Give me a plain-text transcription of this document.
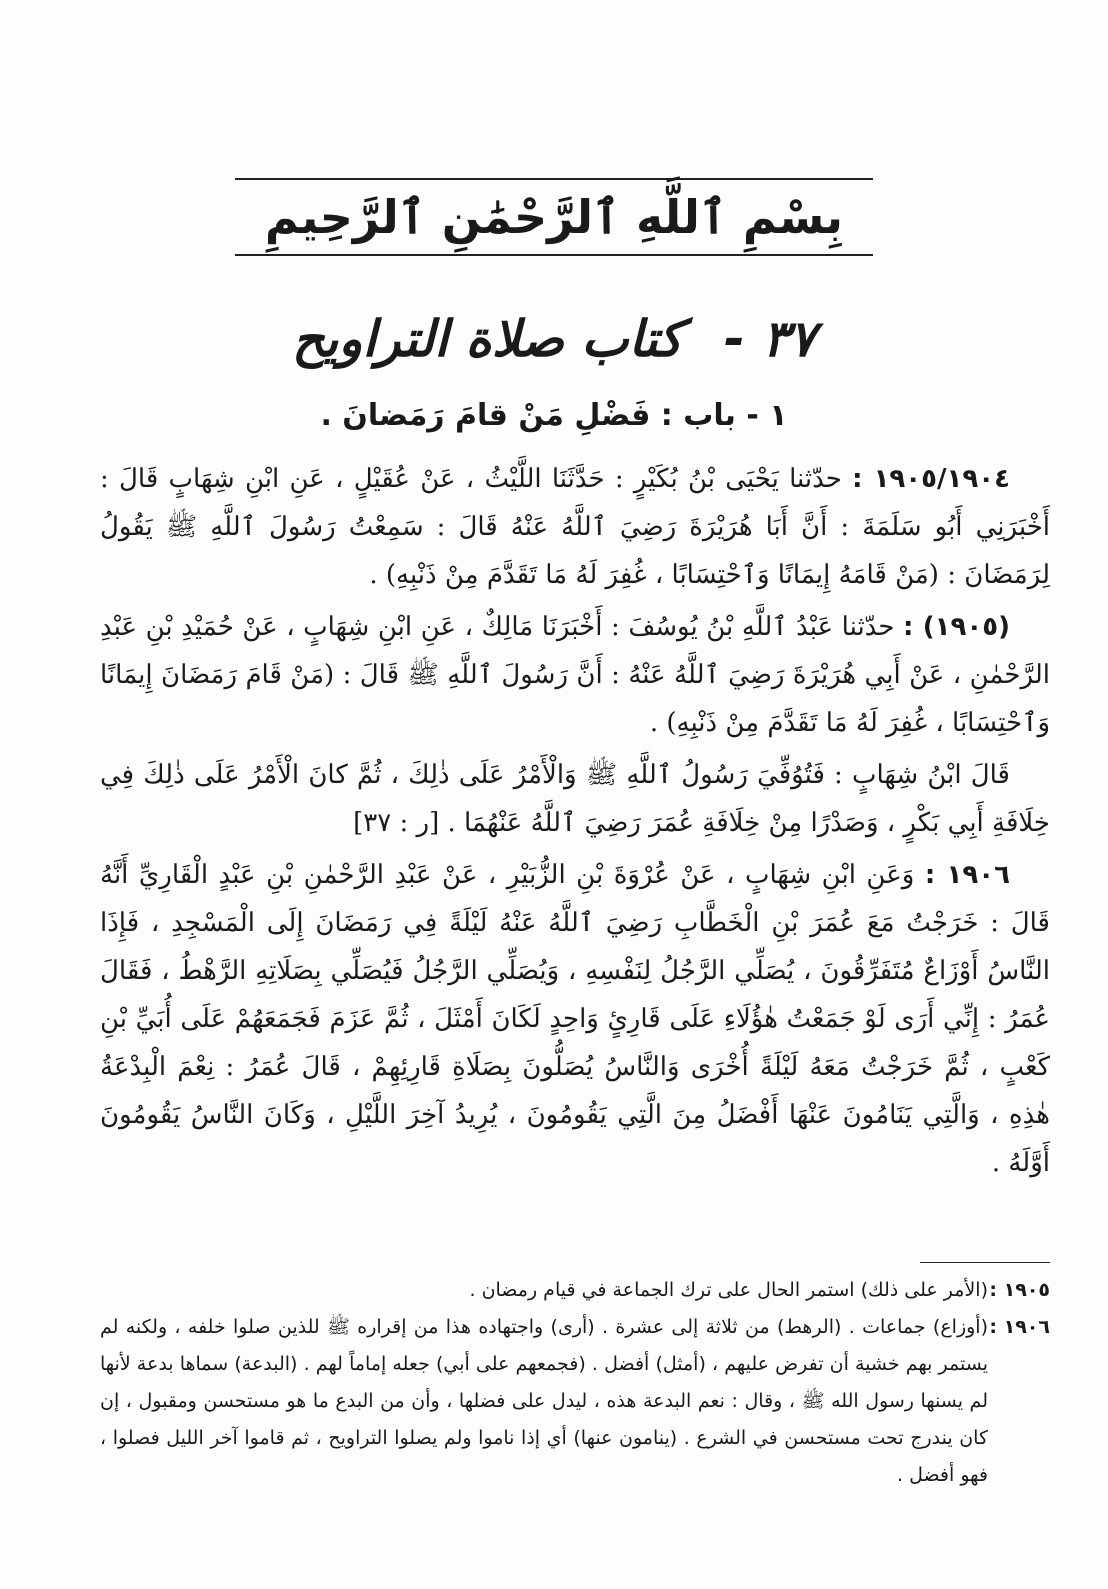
بِسْمِ ٱللَّهِ ٱلرَّحْمَٰنِ ٱلرَّحِيمِ
٣٧ - كتاب صلاة التراويح
١ - باب : فَضْلِ مَنْ قامَ رَمَضانَ .

١٩٠٥/١٩٠٤ : حدّثنا يَحْيَى بْنُ بُكَيْرٍ : حَدَّثَنَا اللَّيْثُ ، عَنْ عُقَيْلٍ ، عَنِ ابْنِ شِهَابٍ قَالَ : أَخْبَرَنِي أَبُو سَلَمَةَ : أَنَّ أَبَا هُرَيْرَةَ رَضِيَ ٱللَّهُ عَنْهُ قَالَ : سَمِعْتُ رَسُولَ ٱللَّهِ ﷺ يَقُولُ لِرَمَضَانَ : (مَنْ قَامَهُ إِيمَانًا وَٱحْتِسَابًا ، غُفِرَ لَهُ مَا تَقَدَّمَ مِنْ ذَنْبِهِ) .

(١٩٠٥) : حدّثنا عَبْدُ ٱللَّهِ بْنُ يُوسُفَ : أَخْبَرَنَا مَالِكٌ ، عَنِ ابْنِ شِهَابٍ ، عَنْ حُمَيْدِ بْنِ عَبْدِ الرَّحْمٰنِ ، عَنْ أَبِي هُرَيْرَةَ رَضِيَ ٱللَّهُ عَنْهُ : أَنَّ رَسُولَ ٱللَّهِ ﷺ قَالَ : (مَنْ قَامَ رَمَضَانَ إِيمَانًا وَٱحْتِسَابًا ، غُفِرَ لَهُ مَا تَقَدَّمَ مِنْ ذَنْبِهِ) .

قَالَ ابْنُ شِهَابٍ : فَتُوُفِّيَ رَسُولُ ٱللَّهِ ﷺ وَالْأَمْرُ عَلَى ذٰلِكَ ، ثُمَّ كانَ الْأَمْرُ عَلَى ذٰلِكَ فِي خِلَافَةِ أَبِي بَكْرٍ ، وَصَدْرًا مِنْ خِلَافَةِ عُمَرَ رَضِيَ ٱللَّهُ عَنْهُمَا . [ر : ٣٧]

١٩٠٦ : وَعَنِ ابْنِ شِهَابٍ ، عَنْ عُرْوَةَ بْنِ الزُّبَيْرِ ، عَنْ عَبْدِ الرَّحْمٰنِ بْنِ عَبْدٍ الْقَارِيِّ أَنَّهُ قَالَ : خَرَجْتُ مَعَ عُمَرَ بْنِ الْخَطَّابِ رَضِيَ ٱللَّهُ عَنْهُ لَيْلَةً فِي رَمَضَانَ إِلَى الْمَسْجِدِ ، فَإِذَا النَّاسُ أَوْزَاعٌ مُتَفَرِّقُونَ ، يُصَلِّي الرَّجُلُ لِنَفْسِهِ ، وَيُصَلِّي الرَّجُلُ فَيُصَلِّي بِصَلَاتِهِ الرَّهْطُ ، فَقَالَ عُمَرُ : إِنِّي أَرَى لَوْ جَمَعْتُ هٰؤُلَاءِ عَلَى قَارِئٍ وَاحِدٍ لَكَانَ أَمْثَلَ ، ثُمَّ عَزَمَ فَجَمَعَهُمْ عَلَى أُبَيِّ بْنِ كَعْبٍ ، ثُمَّ خَرَجْتُ مَعَهُ لَيْلَةً أُخْرَى وَالنَّاسُ يُصَلُّونَ بِصَلَاةِ قَارِئِهِمْ ، قَالَ عُمَرُ : نِعْمَ الْبِدْعَةُ هٰذِهِ ، وَالَّتِي يَنَامُونَ عَنْهَا أَفْضَلُ مِنَ الَّتِي يَقُومُونَ ، يُرِيدُ آخِرَ اللَّيْلِ ، وَكَانَ النَّاسُ يَقُومُونَ أَوَّلَهُ .

١٩٠٥ :
(الأمر على ذلك) استمر الحال على ترك الجماعة في قيام رمضان .

١٩٠٦ :
(أوزاع) جماعات . (الرهط) من ثلاثة إلى عشرة . (أرى) واجتهاده هذا من إقراره ﷺ للذين صلوا خلفه ، ولكنه لم يستمر بهم خشية أن تفرض عليهم ، (أمثل) أفضل . (فجمعهم على أبي) جعله إماماً لهم . (البدعة) سماها بدعة لأنها لم يسنها رسول الله ﷺ ، وقال : نعم البدعة هذه ، ليدل على فضلها ، وأن من البدع ما هو مستحسن ومقبول ، إن كان يندرج تحت مستحسن في الشرع . (ينامون عنها) أي إذا ناموا ولم يصلوا التراويح ، ثم قاموا آخر الليل فصلوا ، فهو أفضل .
